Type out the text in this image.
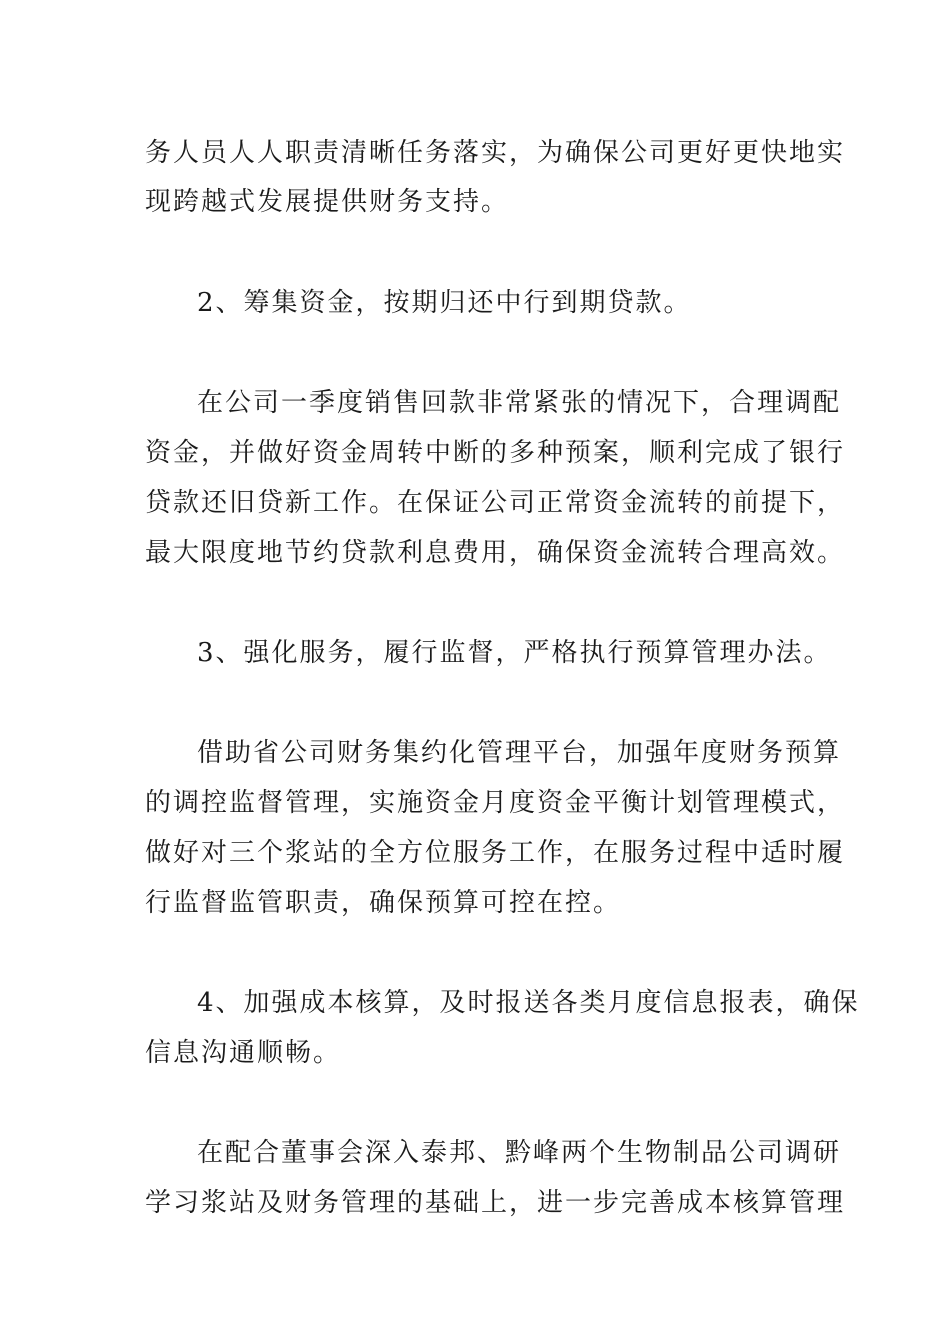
务人员人人职责清晰任务落实，为确保公司更好更快地实
现跨越式发展提供财务支持。
2、筹集资金，按期归还中行到期贷款。
在公司一季度销售回款非常紧张的情况下，合理调配
资金，并做好资金周转中断的多种预案，顺利完成了银行
贷款还旧贷新工作。在保证公司正常资金流转的前提下，
最大限度地节约贷款利息费用，确保资金流转合理高效。
3、强化服务，履行监督，严格执行预算管理办法。
借助省公司财务集约化管理平台，加强年度财务预算
的调控监督管理，实施资金月度资金平衡计划管理模式，
做好对三个浆站的全方位服务工作，在服务过程中适时履
行监督监管职责，确保预算可控在控。
4、加强成本核算，及时报送各类月度信息报表，确保
信息沟通顺畅。
在配合董事会深入泰邦、黔峰两个生物制品公司调研
学习浆站及财务管理的基础上，进一步完善成本核算管理
